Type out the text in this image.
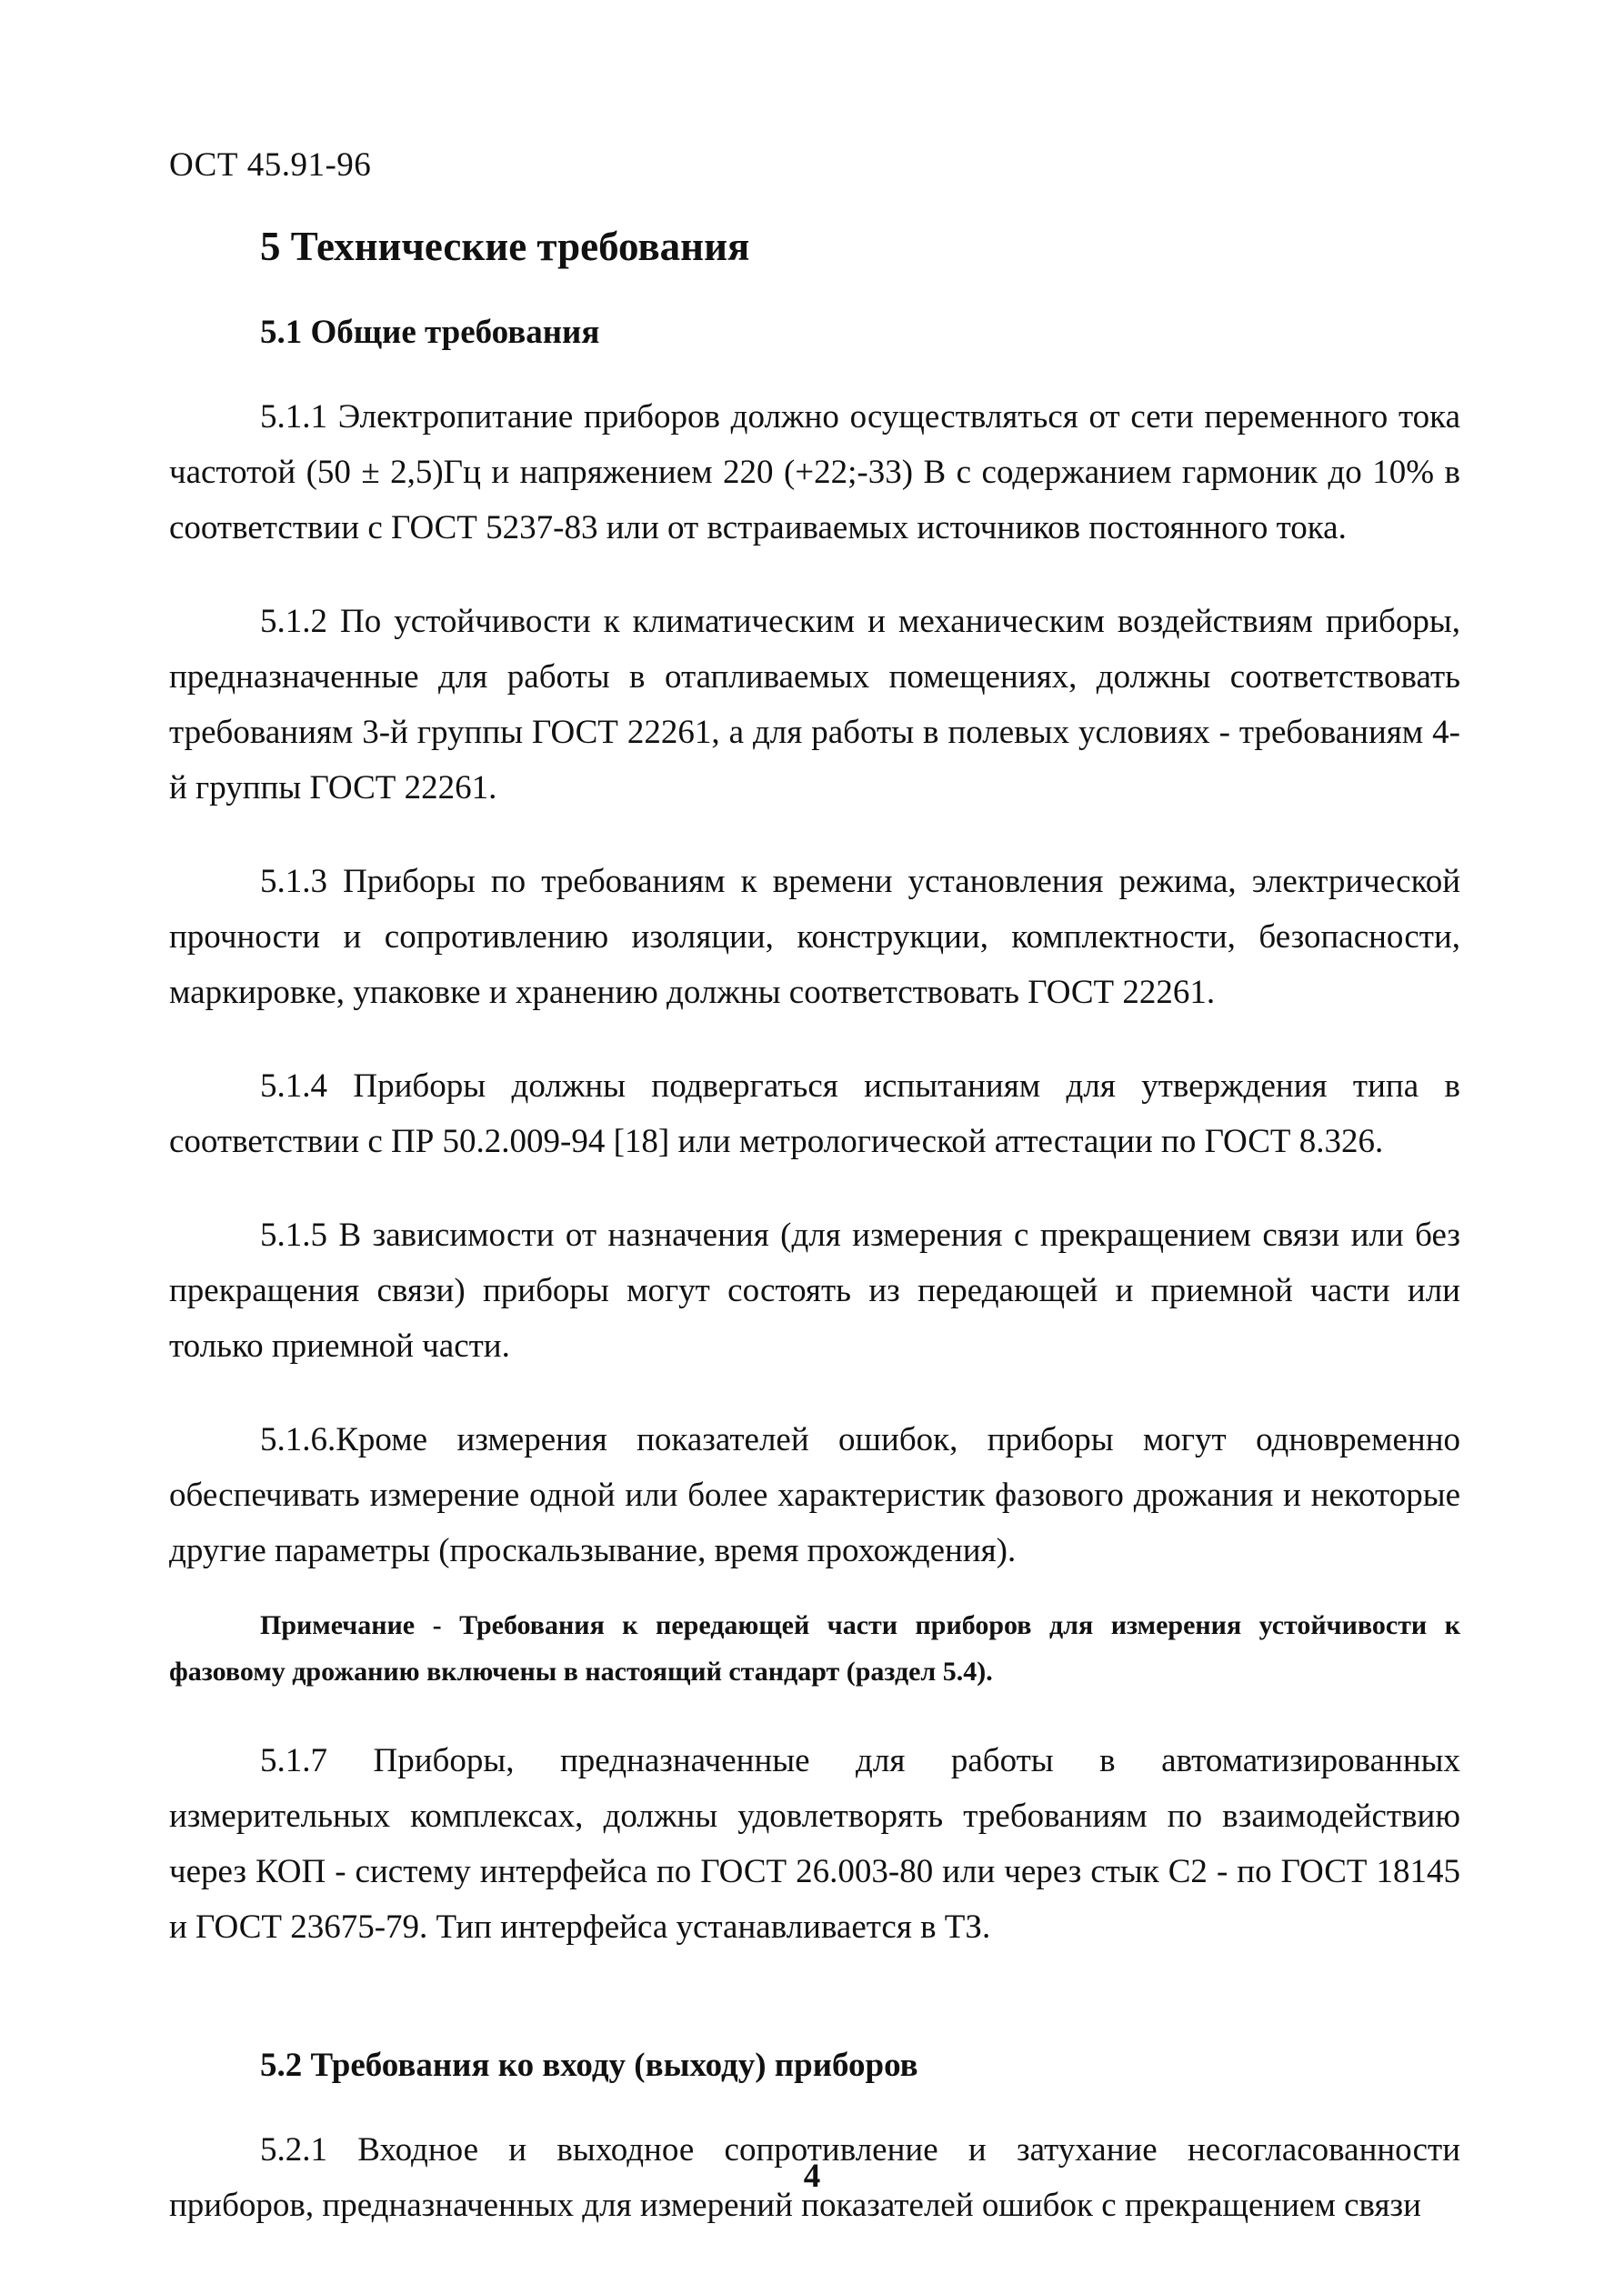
ОСТ 45.91-96
5 Технические требования
5.1 Общие требования

5.1.1 Электропитание приборов должно осуществляться от сети переменного тока частотой (50 ± 2,5)Гц и напряжением 220 (+22;-33) В с содержанием гармоник до 10% в соответствии с ГОСТ 5237-83 или от встраиваемых источников постоянного тока.

5.1.2 По устойчивости к климатическим и механическим воздействиям приборы, предназначенные для работы в отапливаемых помещениях, должны соответствовать требованиям 3-й группы ГОСТ 22261, а для работы в полевых условиях - требованиям 4-й группы ГОСТ 22261.

5.1.3 Приборы по требованиям к времени установления режима, электрической прочности и сопротивлению изоляции, конструкции, комплектности, безопасности, маркировке, упаковке и хранению должны соответствовать ГОСТ 22261.

5.1.4 Приборы должны подвергаться испытаниям для утверждения типа в соответствии с ПР 50.2.009-94 [18] или метрологической аттестации по ГОСТ 8.326.

5.1.5 В зависимости от назначения (для измерения с прекращением связи или без прекращения связи) приборы могут состоять из передающей и приемной части или только приемной части.

5.1.6.Кроме измерения показателей ошибок, приборы могут одновременно обеспечивать измерение одной или более характеристик фазового дрожания и некоторые другие параметры (проскальзывание, время прохождения).

Примечание - Требования к передающей части приборов для измерения устойчивости к фазовому дрожанию включены в настоящий стандарт (раздел 5.4).

5.1.7 Приборы, предназначенные для работы в автоматизированных измерительных комплексах, должны удовлетворять требованиям по взаимодействию через КОП - систему интерфейса по ГОСТ 26.003-80 или через стык С2 - по ГОСТ 18145 и ГОСТ 23675-79. Тип интерфейса устанавливается в ТЗ.

5.2 Требования ко входу (выходу) приборов

5.2.1 Входное и выходное сопротивление и затухание несогласованности приборов, предназначенных для измерений показателей ошибок с прекращением связи

4
